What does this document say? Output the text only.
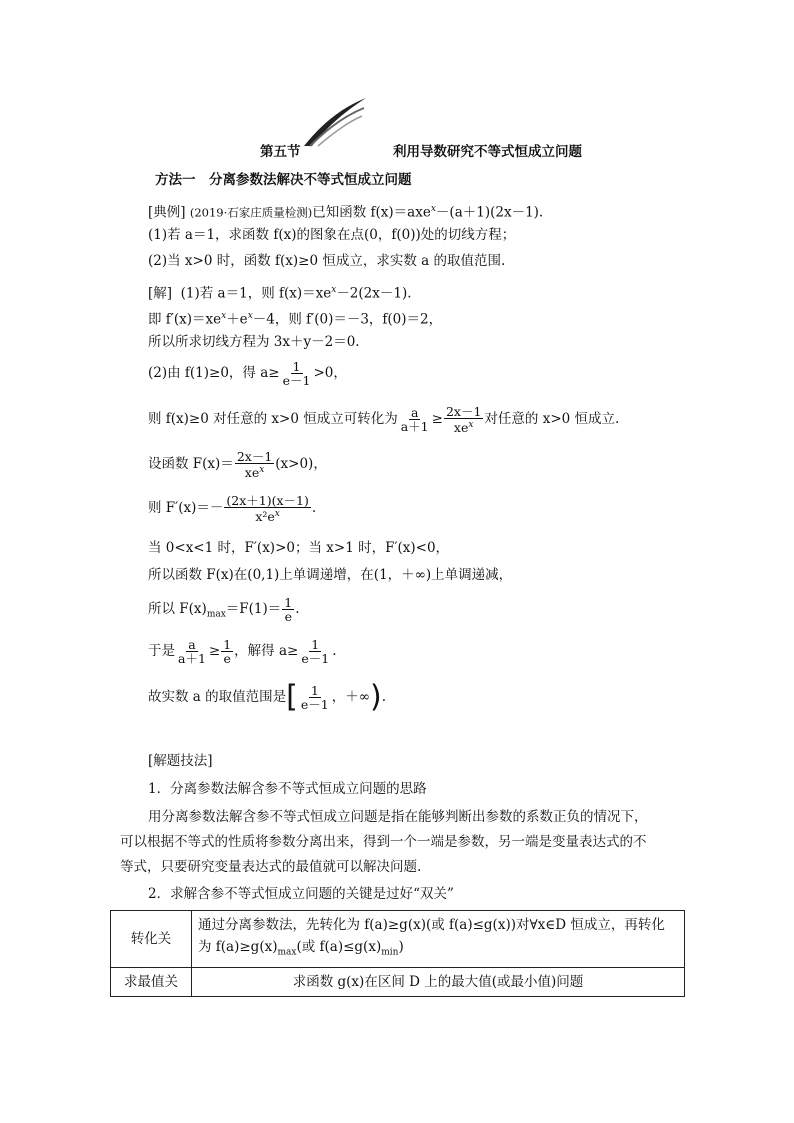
第五节	利用导数研究不等式恒成立问题
方法一　分离参数法解决不等式恒成立问题
[典例] (2019·石家庄质量检测)已知函数 f(x)＝axe$^x$－(a＋1)(2x－1).
(1)若 a＝1，求函数 f(x)的图象在点(0，f(0))处的切线方程；
(2)当 x>0 时，函数 f(x)≥0 恒成立，求实数 a 的取值范围.
[解] (1)若 a＝1，则 $f(x)=xe^x-2(2x-1)$.
即 $f'(x)=xe^x+e^x-4$，则 f′(0)＝－3，f(0)＝2，
所以所求切线方程为 3x＋y－2＝0.
(2)由 f(1)≥0，得 $a\ge \frac{1}{e-1} >0$，
则 f(x)≥0 对任意的 x>0 恒成立可转化为 $\frac{a}{a+1} \ge \frac{2x-1}{xe^x}$ 对任意的 x>0 恒成立.
设函数 $F(x)= \frac{2x-1}{xe^x} (x>0)$，
则 $F'(x)=- \frac{(2x+1)(x-1)}{x^2e^x}$ .
当 0<x<1 时，F′(x)>0；当 x>1 时，F′(x)<0，
所以函数 F(x)在(0,1)上单调递增，在(1，＋∞)上单调递减，
所以 $F(x)_{max}=F(1)= \frac{1}{e}$ .
于是 $\frac{a}{a+1} \ge \frac{1}{e}$ ，解得 $a\ge \frac{1}{e-1}$ .
故实数 a 的取值范围是[ $\frac{1}{e-1}$ ，＋∞).
[解题技法]
1．分离参数法解含参不等式恒成立问题的思路
用分离参数法解含参不等式恒成立问题是指在能够判断出参数的系数正负的情况下，
可以根据不等式的性质将参数分离出来，得到一个一端是参数，另一端是变量表达式的不
等式，只要研究变量表达式的最值就可以解决问题.
2．求解含参不等式恒成立问题的关键是过好“双关”
转化关	通过分离参数法，先转化为 f(a)≥g(x)(或 f(a)≤g(x))对∀x∈D 恒成立，再转化
为 $f(a)\ge g(x)_{max}$(或 $f(a)\le g(x)_{min}$)

求最值关	求函数 g(x)在区间 D 上的最大值(或最小值)问题
